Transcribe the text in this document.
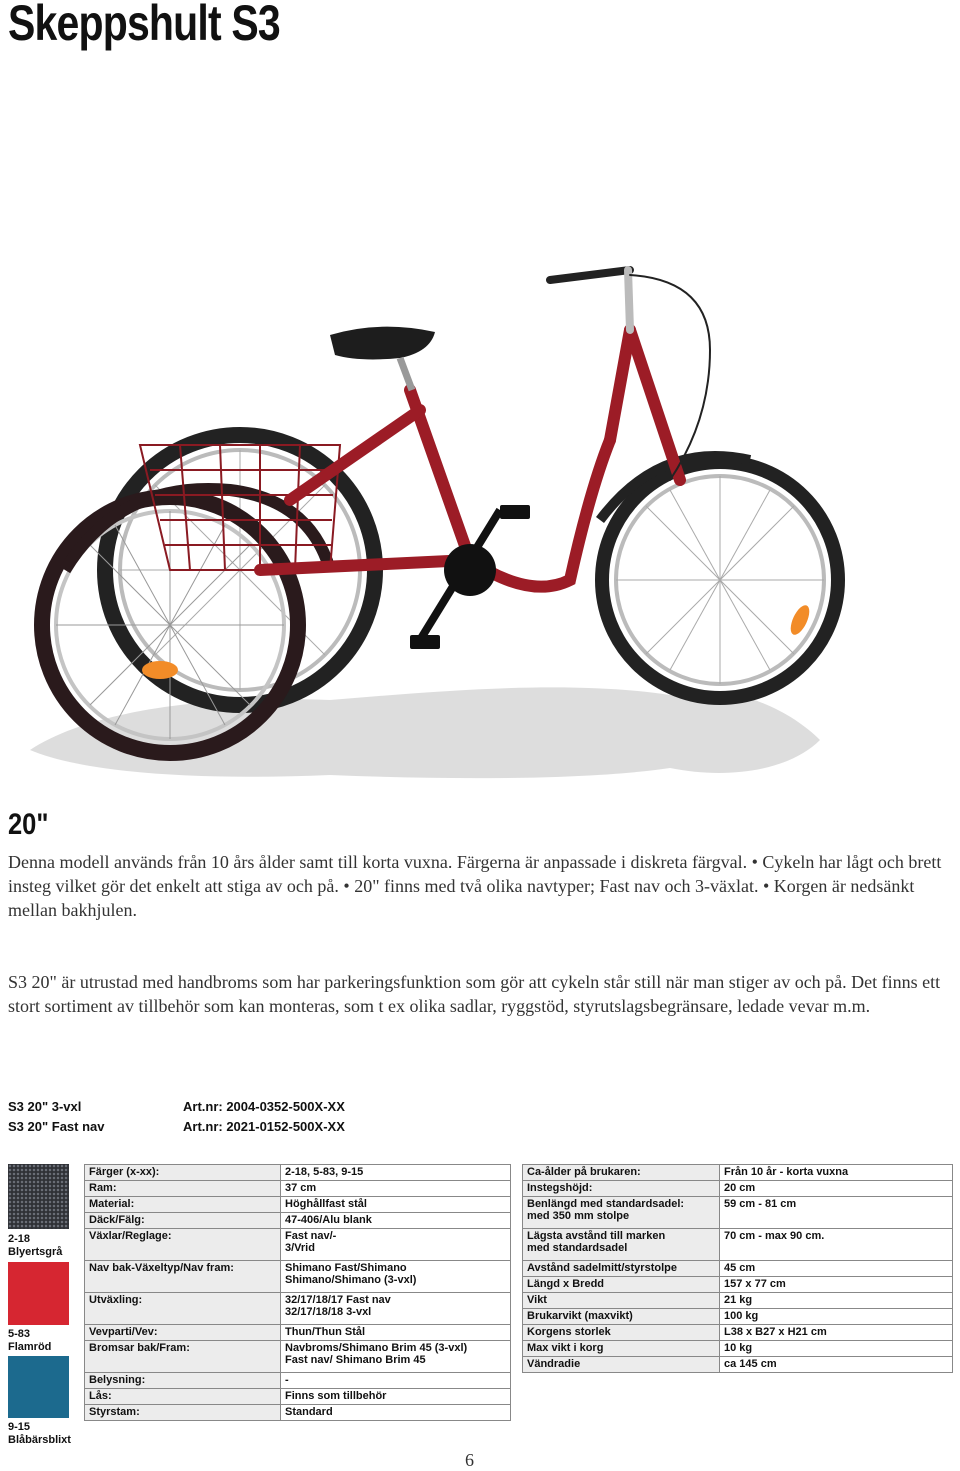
Skeppshult S3
20"

Denna modell används från 10 års ålder samt till korta vuxna. Färgerna är anpassade i diskreta färgval. • Cykeln har lågt och brett insteg vilket gör det enkelt att stiga av och på. • 20" finns med två olika navtyper; Fast nav och 3-växlat. • Korgen är nedsänkt mellan bakhjulen.

S3 20" är utrustad med handbroms som har parkeringsfunktion som gör att cykeln står still när man stiger av och på. Det finns ett stort sortiment av tillbehör som kan monteras, som t ex olika sadlar, ryggstöd, styrutslagsbegränsare, ledade vevar m.m.

S3 20" 3-vxl	Art.nr: 2004-0352-500X-XX
S3 20" Fast nav	Art.nr: 2021-0152-500X-XX
2-18
Blyertsgrå
5-83
Flamröd
9-15
Blåbärsblixt
Färger (x-xx):	2-18, 5-83, 9-15
Ram:	37 cm
Material:	Höghållfast stål
Däck/Fälg:	47-406/Alu blank
Växlar/Reglage:	Fast nav/-
3/Vrid
Nav bak-Växeltyp/Nav fram:	Shimano Fast/Shimano
Shimano/Shimano (3-vxl)
Utväxling:	32/17/18/17 Fast nav
32/17/18/18 3-vxl
Vevparti/Vev:	Thun/Thun Stål
Bromsar bak/Fram:	Navbroms/Shimano Brim 45 (3-vxl)
Fast nav/ Shimano Brim 45
Belysning:	-
Lås:	Finns som tillbehör
Styrstam:	Standard
Ca-ålder på brukaren:	Från 10 år - korta vuxna
Instegshöjd:	20 cm
Benlängd med standardsadel:
med 350 mm stolpe	59 cm - 81 cm
Lägsta avstånd till marken
med standardsadel	70 cm - max 90 cm.
Avstånd sadelmitt/styrstolpe	45 cm
Längd x Bredd	157 x 77 cm
Vikt	21 kg
Brukarvikt (maxvikt)	100 kg
Korgens storlek	L38 x B27 x H21 cm
Max vikt i korg	10 kg
Vändradie	ca 145 cm
6
